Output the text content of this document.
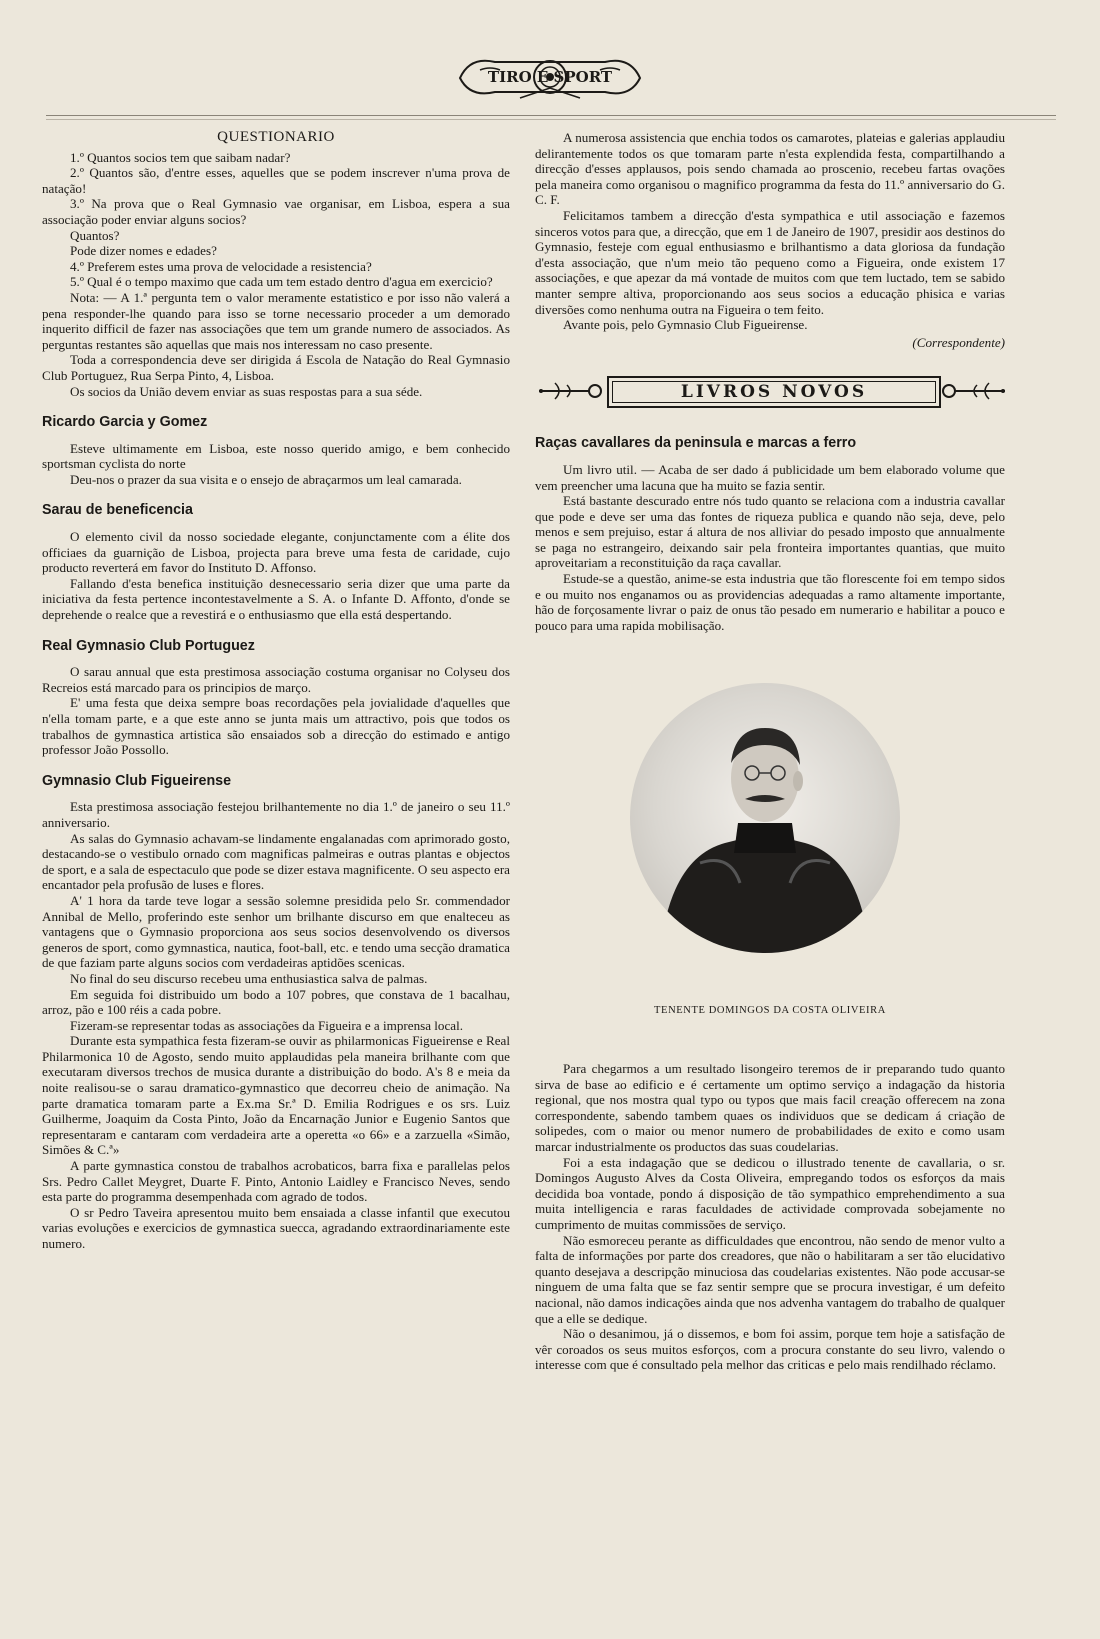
TIRO E SPORT
QUESTIONARIO

1.º Quantos socios tem que saibam nadar?

2.º Quantos são, d'entre esses, aquelles que se podem inscrever n'uma prova de natação!

3.º Na prova que o Real Gymnasio vae organisar, em Lisboa, espera a sua associação poder enviar alguns socios?

Quantos?

Pode dizer nomes e edades?

4.º Preferem estes uma prova de velocidade a resistencia?

5.º Qual é o tempo maximo que cada um tem estado dentro d'agua em exercicio?

Nota: — A 1.ª pergunta tem o valor meramente estatistico e por isso não valerá a pena responder-lhe quando para isso se torne necessario proceder a um demorado inquerito difficil de fazer nas associações que tem um grande numero de associados. As perguntas restantes são aquellas que mais nos interessam no caso presente.

Toda a correspondencia deve ser dirigida á Escola de Natação do Real Gymnasio Club Portuguez, Rua Serpa Pinto, 4, Lisboa.

Os socios da União devem enviar as suas respostas para a sua séde.

Ricardo Garcia y Gomez

Esteve ultimamente em Lisboa, este nosso querido amigo, e bem conhecido sportsman cyclista do norte

Deu-nos o prazer da sua visita e o ensejo de abraçarmos um leal camarada.

Sarau de beneficencia

O elemento civil da nosso sociedade elegante, conjunctamente com a élite dos officiaes da guarnição de Lisboa, projecta para breve uma festa de caridade, cujo producto reverterá em favor do Instituto D. Affonso.

Fallando d'esta benefica instituição desnecessario seria dizer que uma parte da iniciativa da festa pertence incontestavelmente a S. A. o Infante D. Affonto, d'onde se deprehende o realce que a revestirá e o enthusiasmo que ella está despertando.

Real Gymnasio Club Portuguez

O sarau annual que esta prestimosa associação costuma organisar no Colyseu dos Recreios está marcado para os principios de março.

E' uma festa que deixa sempre boas recordações pela jovialidade d'aquelles que n'ella tomam parte, e a que este anno se junta mais um attractivo, pois que todos os trabalhos de gymnastica artistica são ensaiados sob a direcção do estimado e antigo professor João Possollo.

Gymnasio Club Figueirense

Esta prestimosa associação festejou brilhantemente no dia 1.º de janeiro o seu 11.º anniversario.

As salas do Gymnasio achavam-se lindamente engalanadas com aprimorado gosto, destacando-se o vestibulo ornado com magnificas palmeiras e outras plantas e objectos de sport, e a sala de espectaculo que pode se dizer estava magnificente. O seu aspecto era encantador pela profusão de luses e flores.

A' 1 hora da tarde teve logar a sessão solemne presidida pelo Sr. commendador Annibal de Mello, proferindo este senhor um brilhante discurso em que enalteceu as vantagens que o Gymnasio proporciona aos seus socios desenvolvendo os diversos generos de sport, como gymnastica, nautica, foot-ball, etc. e tendo uma secção dramatica de que faziam parte alguns socios com verdadeiras aptidões scenicas.

No final do seu discurso recebeu uma enthusiastica salva de palmas.

Em seguida foi distribuido um bodo a 107 pobres, que constava de 1 bacalhau, arroz, pão e 100 réis a cada pobre.

Fizeram-se representar todas as associações da Figueira e a imprensa local.

Durante esta sympathica festa fizeram-se ouvir as philarmonicas Figueirense e Real Philarmonica 10 de Agosto, sendo muito applaudidas pela maneira brilhante com que executaram diversos trechos de musica durante a distribuição do bodo. A's 8 e meia da noite realisou-se o sarau dramatico-gymnastico que decorreu cheio de animação. Na parte dramatica tomaram parte a Ex.ma Sr.ª D. Emilia Rodrigues e os srs. Luiz Guilherme, Joaquim da Costa Pinto, João da Encarnação Junior e Eugenio Santos que representaram e cantaram com verdadeira arte a operetta «o 66» e a zarzuella «Simão, Simões & C.ª»

A parte gymnastica constou de trabalhos acrobaticos, barra fixa e parallelas pelos Srs. Pedro Callet Meygret, Duarte F. Pinto, Antonio Laidley e Francisco Neves, sendo esta parte do programma desempenhada com agrado de todos.

O sr Pedro Taveira apresentou muito bem ensaiada a classe infantil que executou varias evoluções e exercicios de gymnastica suecca, agradando extraordinariamente este numero.

A numerosa assistencia que enchia todos os camarotes, plateias e galerias applaudiu delirantemente todos os que tomaram parte n'esta explendida festa, compartilhando a direcção d'esses applausos, pois sendo chamada ao proscenio, recebeu fartas ovações pela maneira como organisou o magnifico programma da festa do 11.º anniversario do G. C. F.

Felicitamos tambem a direcção d'esta sympathica e util associação e fazemos sinceros votos para que, a direcção, que em 1 de Janeiro de 1907, presidir aos destinos do Gymnasio, festeje com egual enthusiasmo e brilhantismo a data gloriosa da fundação d'esta associação, que n'um meio tão pequeno como a Figueira, onde existem 17 associações, e que apezar da má vontade de muitos com que tem luctado, tem se sabido manter sempre altiva, proporcionando aos seus socios a educação phisica e varias diversões como nenhuma outra na Figueira o tem feito.

Avante pois, pelo Gymnasio Club Figueirense.

(Correspondente)
LIVROS NOVOS
Raças cavallares da peninsula e marcas a ferro

Um livro util. — Acaba de ser dado á publicidade um bem elaborado volume que vem preencher uma lacuna que ha muito se fazia sentir.

Está bastante descurado entre nós tudo quanto se relaciona com a industria cavallar que pode e deve ser uma das fontes de riqueza publica e quando não seja, deve, pelo menos e sem prejuiso, estar á altura de nos alliviar do pesado imposto que annualmente se paga no estrangeiro, deixando sair pela fronteira importantes quantias, que muito aproveitariam a reconstituição da raça cavallar.

Estude-se a questão, anime-se esta industria que tão florescente foi em tempo sidos e ou muito nos enganamos ou as providencias adequadas a ramo altamente importante, hão de forçosamente livrar o paiz de onus tão pesado em numerario e habilitar a pouco e pouco para uma rapida mobilisação.

TENENTE DOMINGOS DA COSTA OLIVEIRA

Para chegarmos a um resultado lisongeiro teremos de ir preparando tudo quanto sirva de base ao edificio e é certamente um optimo serviço a indagação da historia regional, que nos mostra qual typo ou typos que mais facil creação offerecem na zona correspondente, sabendo tambem quaes os individuos que se dedicam á criação de solipedes, com o maior ou menor numero de probabilidades de exito e como usam marcar industrialmente os productos das suas coudelarias.

Foi a esta indagação que se dedicou o illustrado tenente de cavallaria, o sr. Domingos Augusto Alves da Costa Oliveira, empregando todos os esforços da mais decidida boa vontade, pondo á disposição de tão sympathico emprehendimento a sua muita intelligencia e raras faculdades de actividade comprovada sobejamente no cumprimento de muitas commissões de serviço.

Não esmoreceu perante as difficuldades que encontrou, não sendo de menor vulto a falta de informações por parte dos creadores, que não o habilitaram a ser tão elucidativo quanto desejava a descripção minuciosa das coudelarias existentes. Não pode accusar-se ninguem de uma falta que se faz sentir sempre que se procura investigar, é um defeito nacional, não damos indicações ainda que nos advenha vantagem do trabalho de qualquer que a elle se dedique.

Não o desanimou, já o dissemos, e bom foi assim, porque tem hoje a satisfação de vêr coroados os seus muitos esforços, com a procura constante do seu livro, valendo o interesse com que é consultado pela melhor das criticas e pelo mais rendilhado réclamo.
